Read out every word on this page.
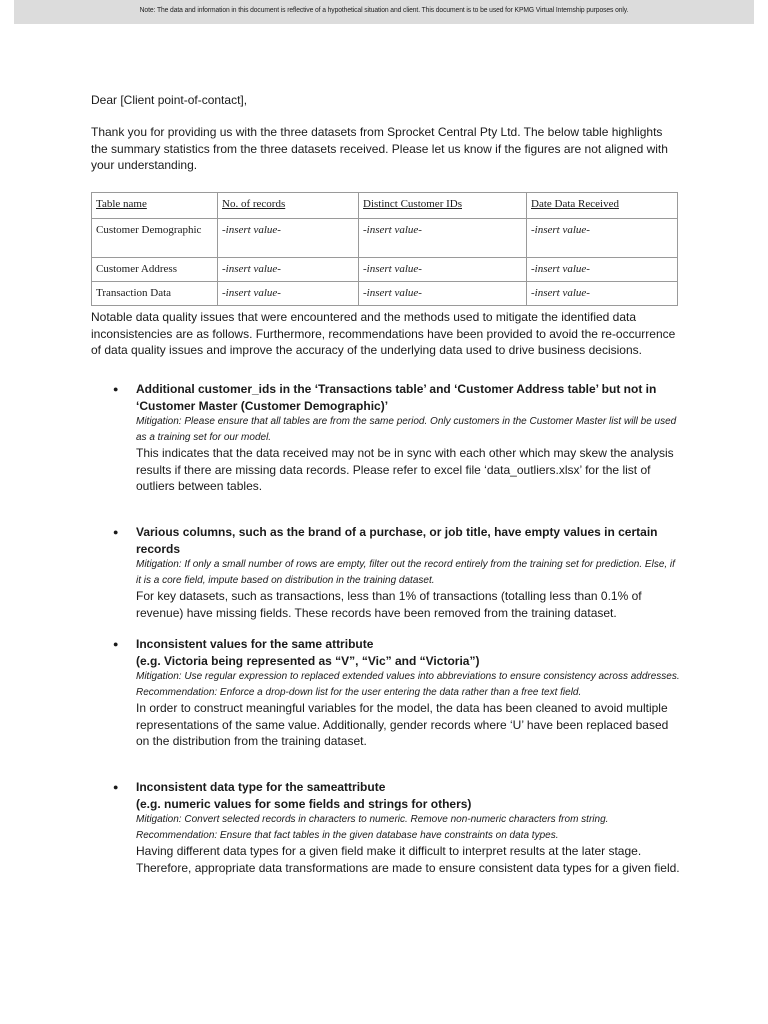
Note: The data and information in this document is reflective of a hypothetical situation and client. This document is to be used for KPMG Virtual Internship purposes only.
Dear [Client point-of-contact],
Thank you for providing us with the three datasets from Sprocket Central Pty Ltd. The below table highlights the summary statistics from the three datasets received. Please let us know if the figures are not aligned with your understanding.
Table name	No. of records	Distinct Customer IDs	Date Data Received
Customer Demographic	-insert value-	-insert value-	-insert value-
Customer Address	-insert value-	-insert value-	-insert value-
Transaction Data	-insert value-	-insert value-	-insert value-
Notable data quality issues that were encountered and the methods used to mitigate the identified data inconsistencies are as follows. Furthermore, recommendations have been provided to avoid the re-occurrence of data quality issues and improve the accuracy of the underlying data used to drive business decisions.
● Additional customer_ids in the ‘Transactions table’ and ‘Customer Address table’ but not in ‘Customer Master (Customer Demographic)’
Mitigation: Please ensure that all tables are from the same period. Only customers in the Customer Master list will be used as a training set for our model.
This indicates that the data received may not be in sync with each other which may skew the analysis results if there are missing data records. Please refer to excel file ‘data_outliers.xlsx’ for the list of outliers between tables.
● Various columns, such as the brand of a purchase, or job title, have empty values in certain records
Mitigation: If only a small number of rows are empty, filter out the record entirely from the training set for prediction. Else, if it is a core field, impute based on distribution in the training dataset.
For key datasets, such as transactions, less than 1% of transactions (totalling less than 0.1% of revenue) have missing fields. These records have been removed from the training dataset.
● Inconsistent values for the same attribute
(e.g. Victoria being represented as “V”, “Vic” and “Victoria”)
Mitigation: Use regular expression to replaced extended values into abbreviations to ensure consistency across addresses.
Recommendation: Enforce a drop-down list for the user entering the data rather than a free text field.
In order to construct meaningful variables for the model, the data has been cleaned to avoid multiple representations of the same value. Additionally, gender records where ‘U’ have been replaced based on the distribution from the training dataset.
● Inconsistent data type for the sameattribute
(e.g. numeric values for some fields and strings for others)
Mitigation: Convert selected records in characters to numeric. Remove non-numeric characters from string.
Recommendation: Ensure that fact tables in the given database have constraints on data types.
Having different data types for a given field make it difficult to interpret results at the later stage. Therefore, appropriate data transformations are made to ensure consistent data types for a given field.
